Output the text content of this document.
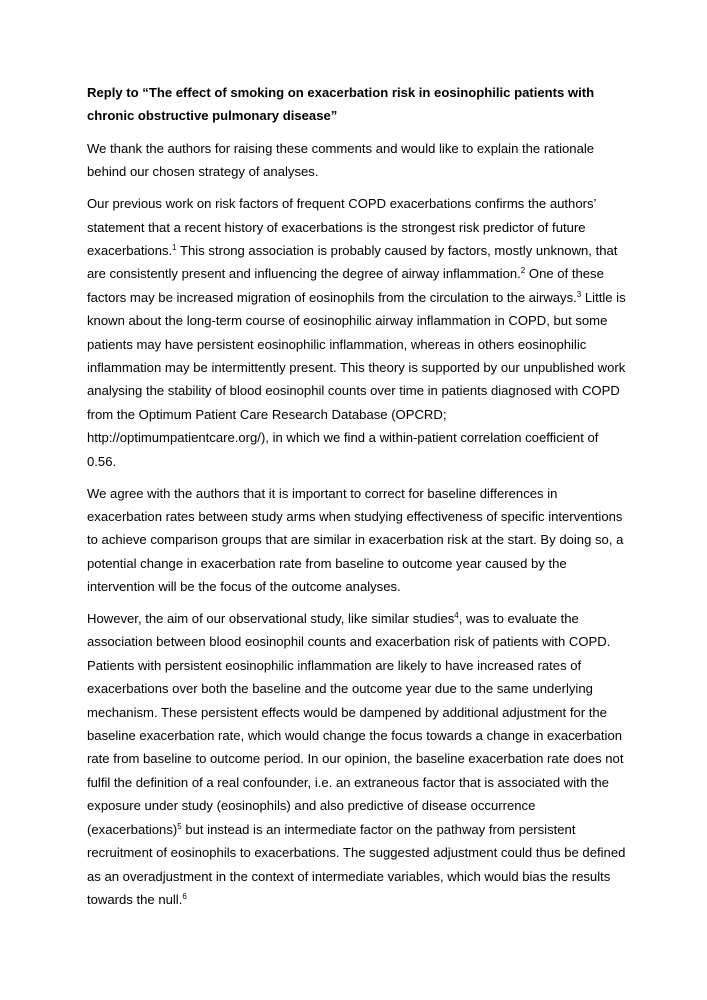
Reply to “The effect of smoking on exacerbation risk in eosinophilic patients with chronic obstructive pulmonary disease”

We thank the authors for raising these comments and would like to explain the rationale behind our chosen strategy of analyses.

Our previous work on risk factors of frequent COPD exacerbations confirms the authors’ statement that a recent history of exacerbations is the strongest risk predictor of future exacerbations.$^1$ This strong association is probably caused by factors, mostly unknown, that are consistently present and influencing the degree of airway inflammation.$^2$ One of these factors may be increased migration of eosinophils from the circulation to the airways.$^3$ Little is known about the long-term course of eosinophilic airway inflammation in COPD, but some patients may have persistent eosinophilic inflammation, whereas in others eosinophilic inflammation may be intermittently present. This theory is supported by our unpublished work analysing the stability of blood eosinophil counts over time in patients diagnosed with COPD from the Optimum Patient Care Research Database (OPCRD; http://optimumpatientcare.org/), in which we find a within-patient correlation coefficient of 0.56.

We agree with the authors that it is important to correct for baseline differences in exacerbation rates between study arms when studying effectiveness of specific interventions to achieve comparison groups that are similar in exacerbation risk at the start. By doing so, a potential change in exacerbation rate from baseline to outcome year caused by the intervention will be the focus of the outcome analyses.

However, the aim of our observational study, like similar studies$^4$, was to evaluate the association between blood eosinophil counts and exacerbation risk of patients with COPD. Patients with persistent eosinophilic inflammation are likely to have increased rates of exacerbations over both the baseline and the outcome year due to the same underlying mechanism. These persistent effects would be dampened by additional adjustment for the baseline exacerbation rate, which would change the focus towards a change in exacerbation rate from baseline to outcome period. In our opinion, the baseline exacerbation rate does not fulfil the definition of a real confounder, i.e. an extraneous factor that is associated with the exposure under study (eosinophils) and also predictive of disease occurrence (exacerbations)$^5$ but instead is an intermediate factor on the pathway from persistent recruitment of eosinophils to exacerbations. The suggested adjustment could thus be defined as an overadjustment in the context of intermediate variables, which would bias the results towards the null.$^6$
